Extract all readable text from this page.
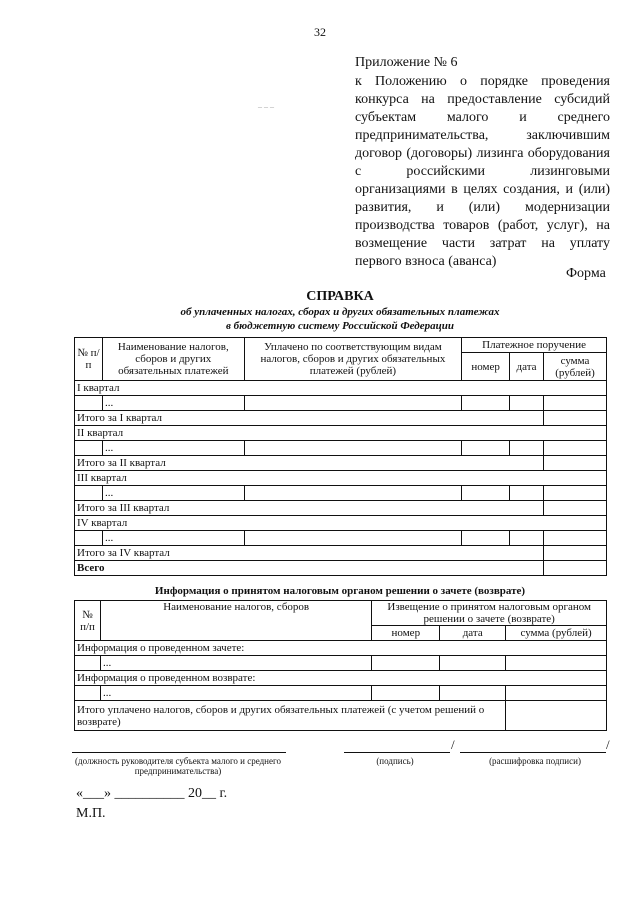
32
_ _ _
Приложение № 6
к Положению о порядке проведения конкурса на предоставление субсидий субъектам малого и среднего предпринимательства, заключившим договор (договоры) лизинга оборудования с российскими лизинговыми организациями в целях создания, и (или) развития, и (или) модернизации производства товаров (работ, услуг), на возмещение части затрат на уплату первого взноса (аванса)
Форма
СПРАВКА
об уплаченных налогах, сборах и других обязательных платежах
в бюджетную систему Российской Федерации
№ п/п	Наименование налогов, сборов и других обязательных платежей	Уплачено по соответствующим видам налогов, сборов и других обязательных платежей (рублей)	Платежное поручение		
			номер	дата	сумма (рублей)
I квартал					
	...				
Итого за I квартал					
II квартал					
	...				
Итого за II квартал					
III квартал					
	...				
Итого за III квартал					
IV квартал					
	...				
Итого за IV квартал					
Всего					
Информация о принятом налоговым органом решении о зачете (возврате)
№ п/п	Наименование налогов, сборов	Извещение о принятом налоговым органом решении о зачете (возврате)		
		номер	дата	сумма (рублей)
Информация о проведенном зачете:				
	...			
Информация о проведенном возврате:				
	...			
Итого уплачено налогов, сборов и других обязательных платежей (с учетом решений о возврате)				
/	/
(должность руководителя субъекта малого и среднего предпринимательства)
(подпись)	(расшифровка подписи)
«___» __________ 20__ г.
М.П.
